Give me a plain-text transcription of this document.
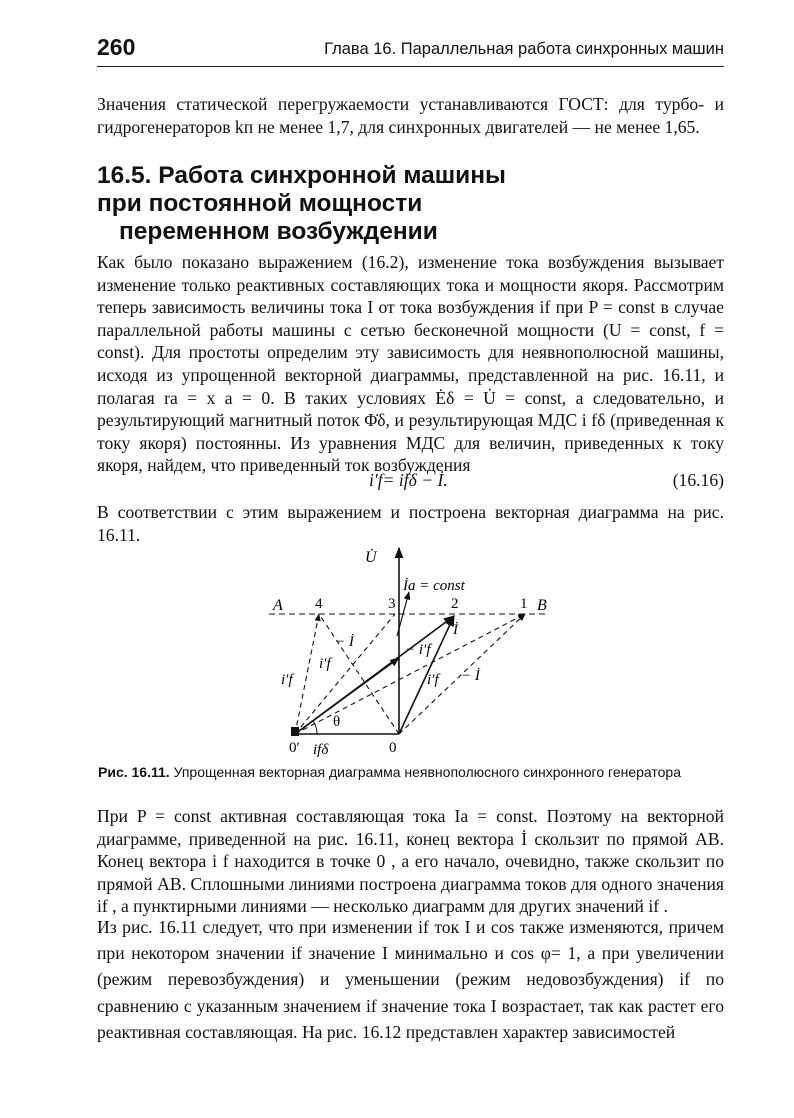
260	Глава 16. Параллельная работа синхронных машин

Значения статической перегружаемости устанавливаются ГОСТ: для турбо- и гидрогенераторов kп не менее 1,7, для синхронных двигателей — не менее 1,65.

16.5. Работа синхронной машины
при постоянной мощности
переменном возбуждении

Как было показано выражением (16.2), изменение тока возбуждения вызывает изменение только реактивных составляющих тока и мощности якоря. Рассмотрим теперь зависимость величины тока I от тока возбуждения if при P = const в случае параллельной работы машины с сетью бесконечной мощности (U = const, f = const). Для простоты определим эту зависимость для неявнополюсной машины, исходя из упрощенной векторной диаграммы, представленной на рис. 16.11, и полагая ra = x a = 0. В таких условиях Ėδ = U̇ = const, а следовательно, и результирующий магнитный поток Φ̇δ, и результирующая МДС i fδ (приведенная к току якоря) постоянны. Из уравнения МДС для величин, приведенных к току якоря, найдем, что приведенный ток возбуждения

i′f= ifδ − İ.	(16.16)

В соответствии с этим выражением и построена векторная диаграмма на рис. 16.11.

U̇
İa = const
A	B
4	3	2	1
İ
− İ	− i′f
i′f
i′f	i′f − İ
θ
0′	0
ifδ
Рис. 16.11. Упрощенная векторная диаграмма неявнополюсного синхронного генератора

При P = const активная составляющая тока Ia = const. Поэтому на векторной диаграмме, приведенной на рис. 16.11, конец вектора İ скользит по прямой AB. Конец вектора i f находится в точке 0 , а его начало, очевидно, также скользит по прямой AB. Сплошными линиями построена диаграмма токов для одного значения if , а пунктирными линиями — несколько диаграмм для других значений if .

Из рис. 16.11 следует, что при изменении if ток I и cos также изменяются, причем при некотором значении if значение I минимально и cos φ= 1, а при увеличении (режим перевозбуждения) и уменьшении (режим недовозбуждения) if по сравнению с указанным значением if значение тока I возрастает, так как растет его реактивная составляющая. На рис. 16.12 представлен характер зависимостей
